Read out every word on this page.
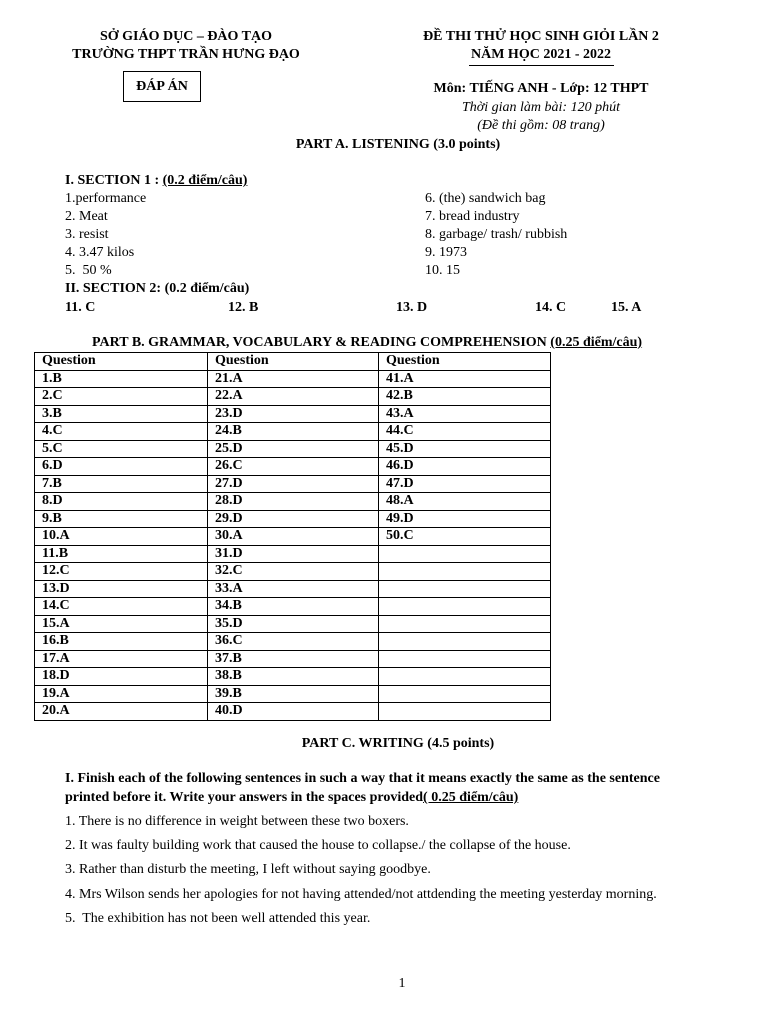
SỞ GIÁO DỤC – ĐÀO TẠO
TRƯỜNG THPT TRẦN HƯNG ĐẠO
ĐÁP ÁN
ĐỀ THI THỬ HỌC SINH GIỎI LẦN 2
NĂM HỌC 2021 - 2022
Môn: TIẾNG ANH - Lớp: 12 THPT
Thời gian làm bài: 120 phút
(Đề thi gồm: 08 trang)
PART A. LISTENING (3.0 points)
I. SECTION 1 : (0.2 điểm/câu)
1.performance
2. Meat
3. resist
4. 3.47 kilos
5.  50 %
6. (the) sandwich bag
7. bread industry
8. garbage/ trash/ rubbish
9. 1973
10. 15
II. SECTION 2: (0.2 điểm/câu)
11. C	12. B	13. D	14. C	15. A
PART B. GRAMMAR, VOCABULARY & READING COMPREHENSION (0.25 điểm/câu)
Question	Question	Question
1.B	21.A	41.A
2.C	22.A	42.B
3.B	23.D	43.A
4.C	24.B	44.C
5.C	25.D	45.D
6.D	26.C	46.D
7.B	27.D	47.D
8.D	28.D	48.A
9.B	29.D	49.D
10.A	30.A	50.C
11.B	31.D	
12.C	32.C	
13.D	33.A	
14.C	34.B	
15.A	35.D	
16.B	36.C	
17.A	37.B	
18.D	38.B	
19.A	39.B	
20.A	40.D	
PART C. WRITING (4.5 points)
I. Finish each of the following sentences in such a way that it means exactly the same as the sentence
printed before it. Write your answers in the spaces provided( 0.25 điểm/câu)
1. There is no difference in weight between these two boxers.
2. It was faulty building work that caused the house to collapse./ the collapse of the house.
3. Rather than disturb the meeting, I left without saying goodbye.
4. Mrs Wilson sends her apologies for not having attended/not attdending the meeting yesterday morning.
5.  The exhibition has not been well attended this year.
1
